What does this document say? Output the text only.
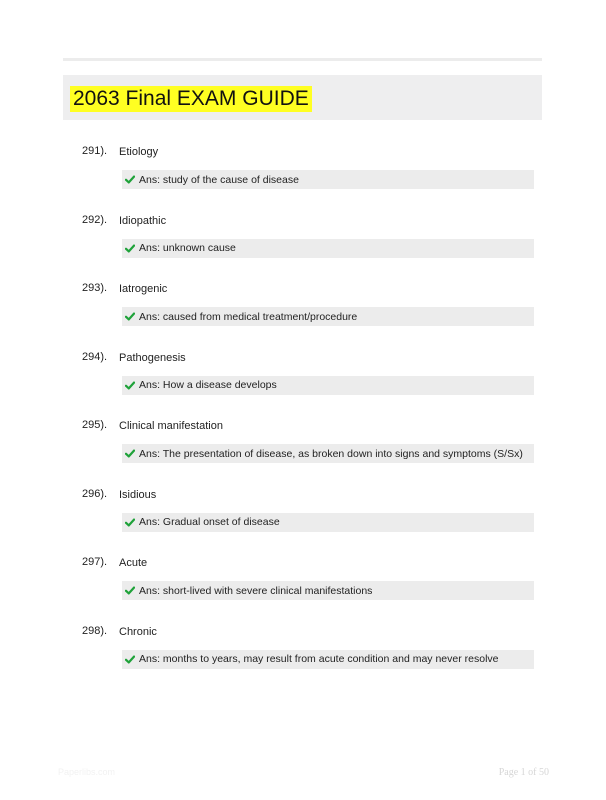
2063 Final EXAM GUIDE
291). Etiology
Ans: study of the cause of disease
292). Idiopathic
Ans: unknown cause
293). Iatrogenic
Ans: caused from medical treatment/procedure
294). Pathogenesis
Ans: How a disease develops
295). Clinical manifestation
Ans: The presentation of disease, as broken down into signs and symptoms (S/Sx)
296). Isidious
Ans: Gradual onset of disease
297). Acute
Ans: short-lived with severe clinical manifestations
298). Chronic
Ans: months to years, may result from acute condition and may never resolve
Paperlibs.com	Page 1 of 50
